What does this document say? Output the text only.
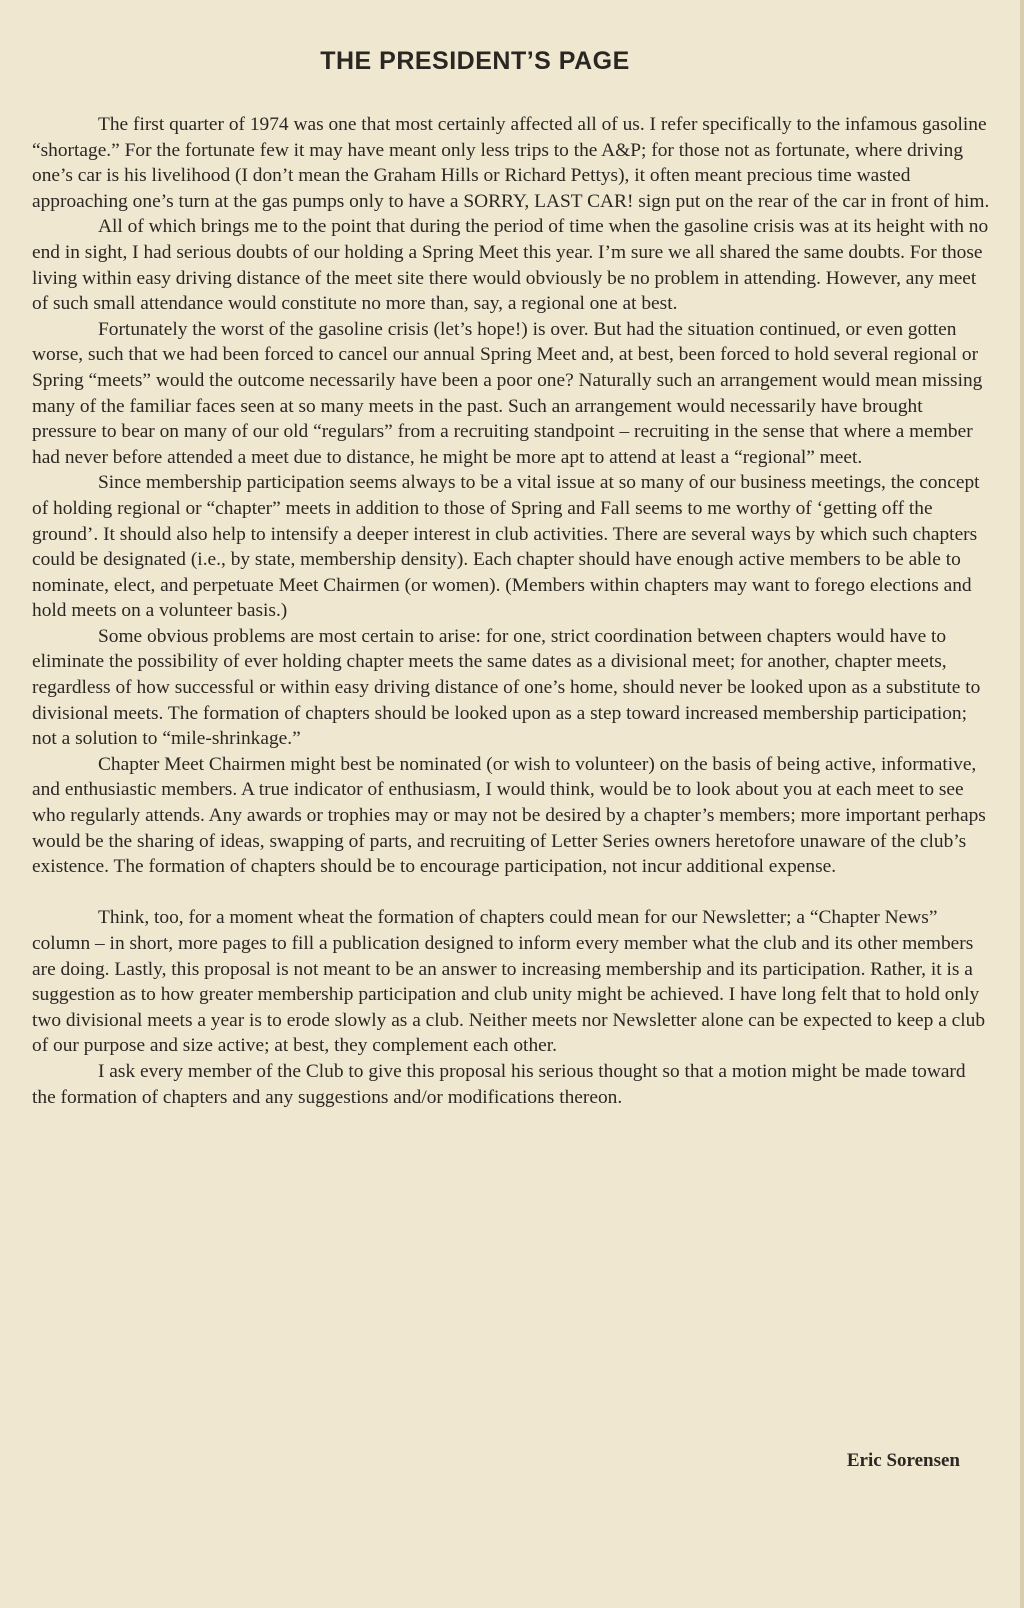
THE PRESIDENT’S PAGE

The first quarter of 1974 was one that most certainly affected all of us. I refer specifically to the infamous gasoline “shortage.” For the fortunate few it may have meant only less trips to the A&P; for those not as fortunate, where driving one’s car is his livelihood (I don’t mean the Graham Hills or Richard Pettys), it often meant precious time wasted approaching one’s turn at the gas pumps only to have a SORRY, LAST CAR! sign put on the rear of the car in front of him.

All of which brings me to the point that during the period of time when the gasoline crisis was at its height with no end in sight, I had serious doubts of our holding a Spring Meet this year. I’m sure we all shared the same doubts. For those living within easy driving distance of the meet site there would obviously be no problem in attending. However, any meet of such small attendance would constitute no more than, say, a regional one at best.

Fortunately the worst of the gasoline crisis (let’s hope!) is over. But had the situation continued, or even gotten worse, such that we had been forced to cancel our annual Spring Meet and, at best, been forced to hold several regional or Spring “meets” would the outcome necessarily have been a poor one? Naturally such an arrangement would mean missing many of the familiar faces seen at so many meets in the past. Such an arrangement would necessarily have brought pressure to bear on many of our old “regulars” from a recruiting standpoint – recruiting in the sense that where a member had never before attended a meet due to distance, he might be more apt to attend at least a “regional” meet.

Since membership participation seems always to be a vital issue at so many of our business meetings, the concept of holding regional or “chapter” meets in addition to those of Spring and Fall seems to me worthy of ‘getting off the ground’. It should also help to intensify a deeper interest in club activities. There are several ways by which such chapters could be designated (i.e., by state, membership density). Each chapter should have enough active members to be able to nominate, elect, and perpetuate Meet Chairmen (or women). (Members within chapters may want to forego elections and hold meets on a volunteer basis.)

Some obvious problems are most certain to arise: for one, strict coordination between chapters would have to eliminate the possibility of ever holding chapter meets the same dates as a divisional meet; for another, chapter meets, regardless of how successful or within easy driving distance of one’s home, should never be looked upon as a substitute to divisional meets. The formation of chapters should be looked upon as a step toward increased membership participation; not a solution to “mile-shrinkage.”

Chapter Meet Chairmen might best be nominated (or wish to volunteer) on the basis of being active, informative, and enthusiastic members. A true indicator of enthusiasm, I would think, would be to look about you at each meet to see who regularly attends. Any awards or trophies may or may not be desired by a chapter’s members; more important perhaps would be the sharing of ideas, swapping of parts, and recruiting of Letter Series owners heretofore unaware of the club’s existence. The formation of chapters should be to encourage participation, not incur additional expense.

Think, too, for a moment wheat the formation of chapters could mean for our Newsletter; a “Chapter News” column – in short, more pages to fill a publication designed to inform every member what the club and its other members are doing. Lastly, this proposal is not meant to be an answer to increasing membership and its participation. Rather, it is a suggestion as to how greater membership participation and club unity might be achieved. I have long felt that to hold only two divisional meets a year is to erode slowly as a club. Neither meets nor Newsletter alone can be expected to keep a club of our purpose and size active; at best, they complement each other.

I ask every member of the Club to give this proposal his serious thought so that a motion might be made toward the formation of chapters and any suggestions and/or modifications thereon.

Eric Sorensen
